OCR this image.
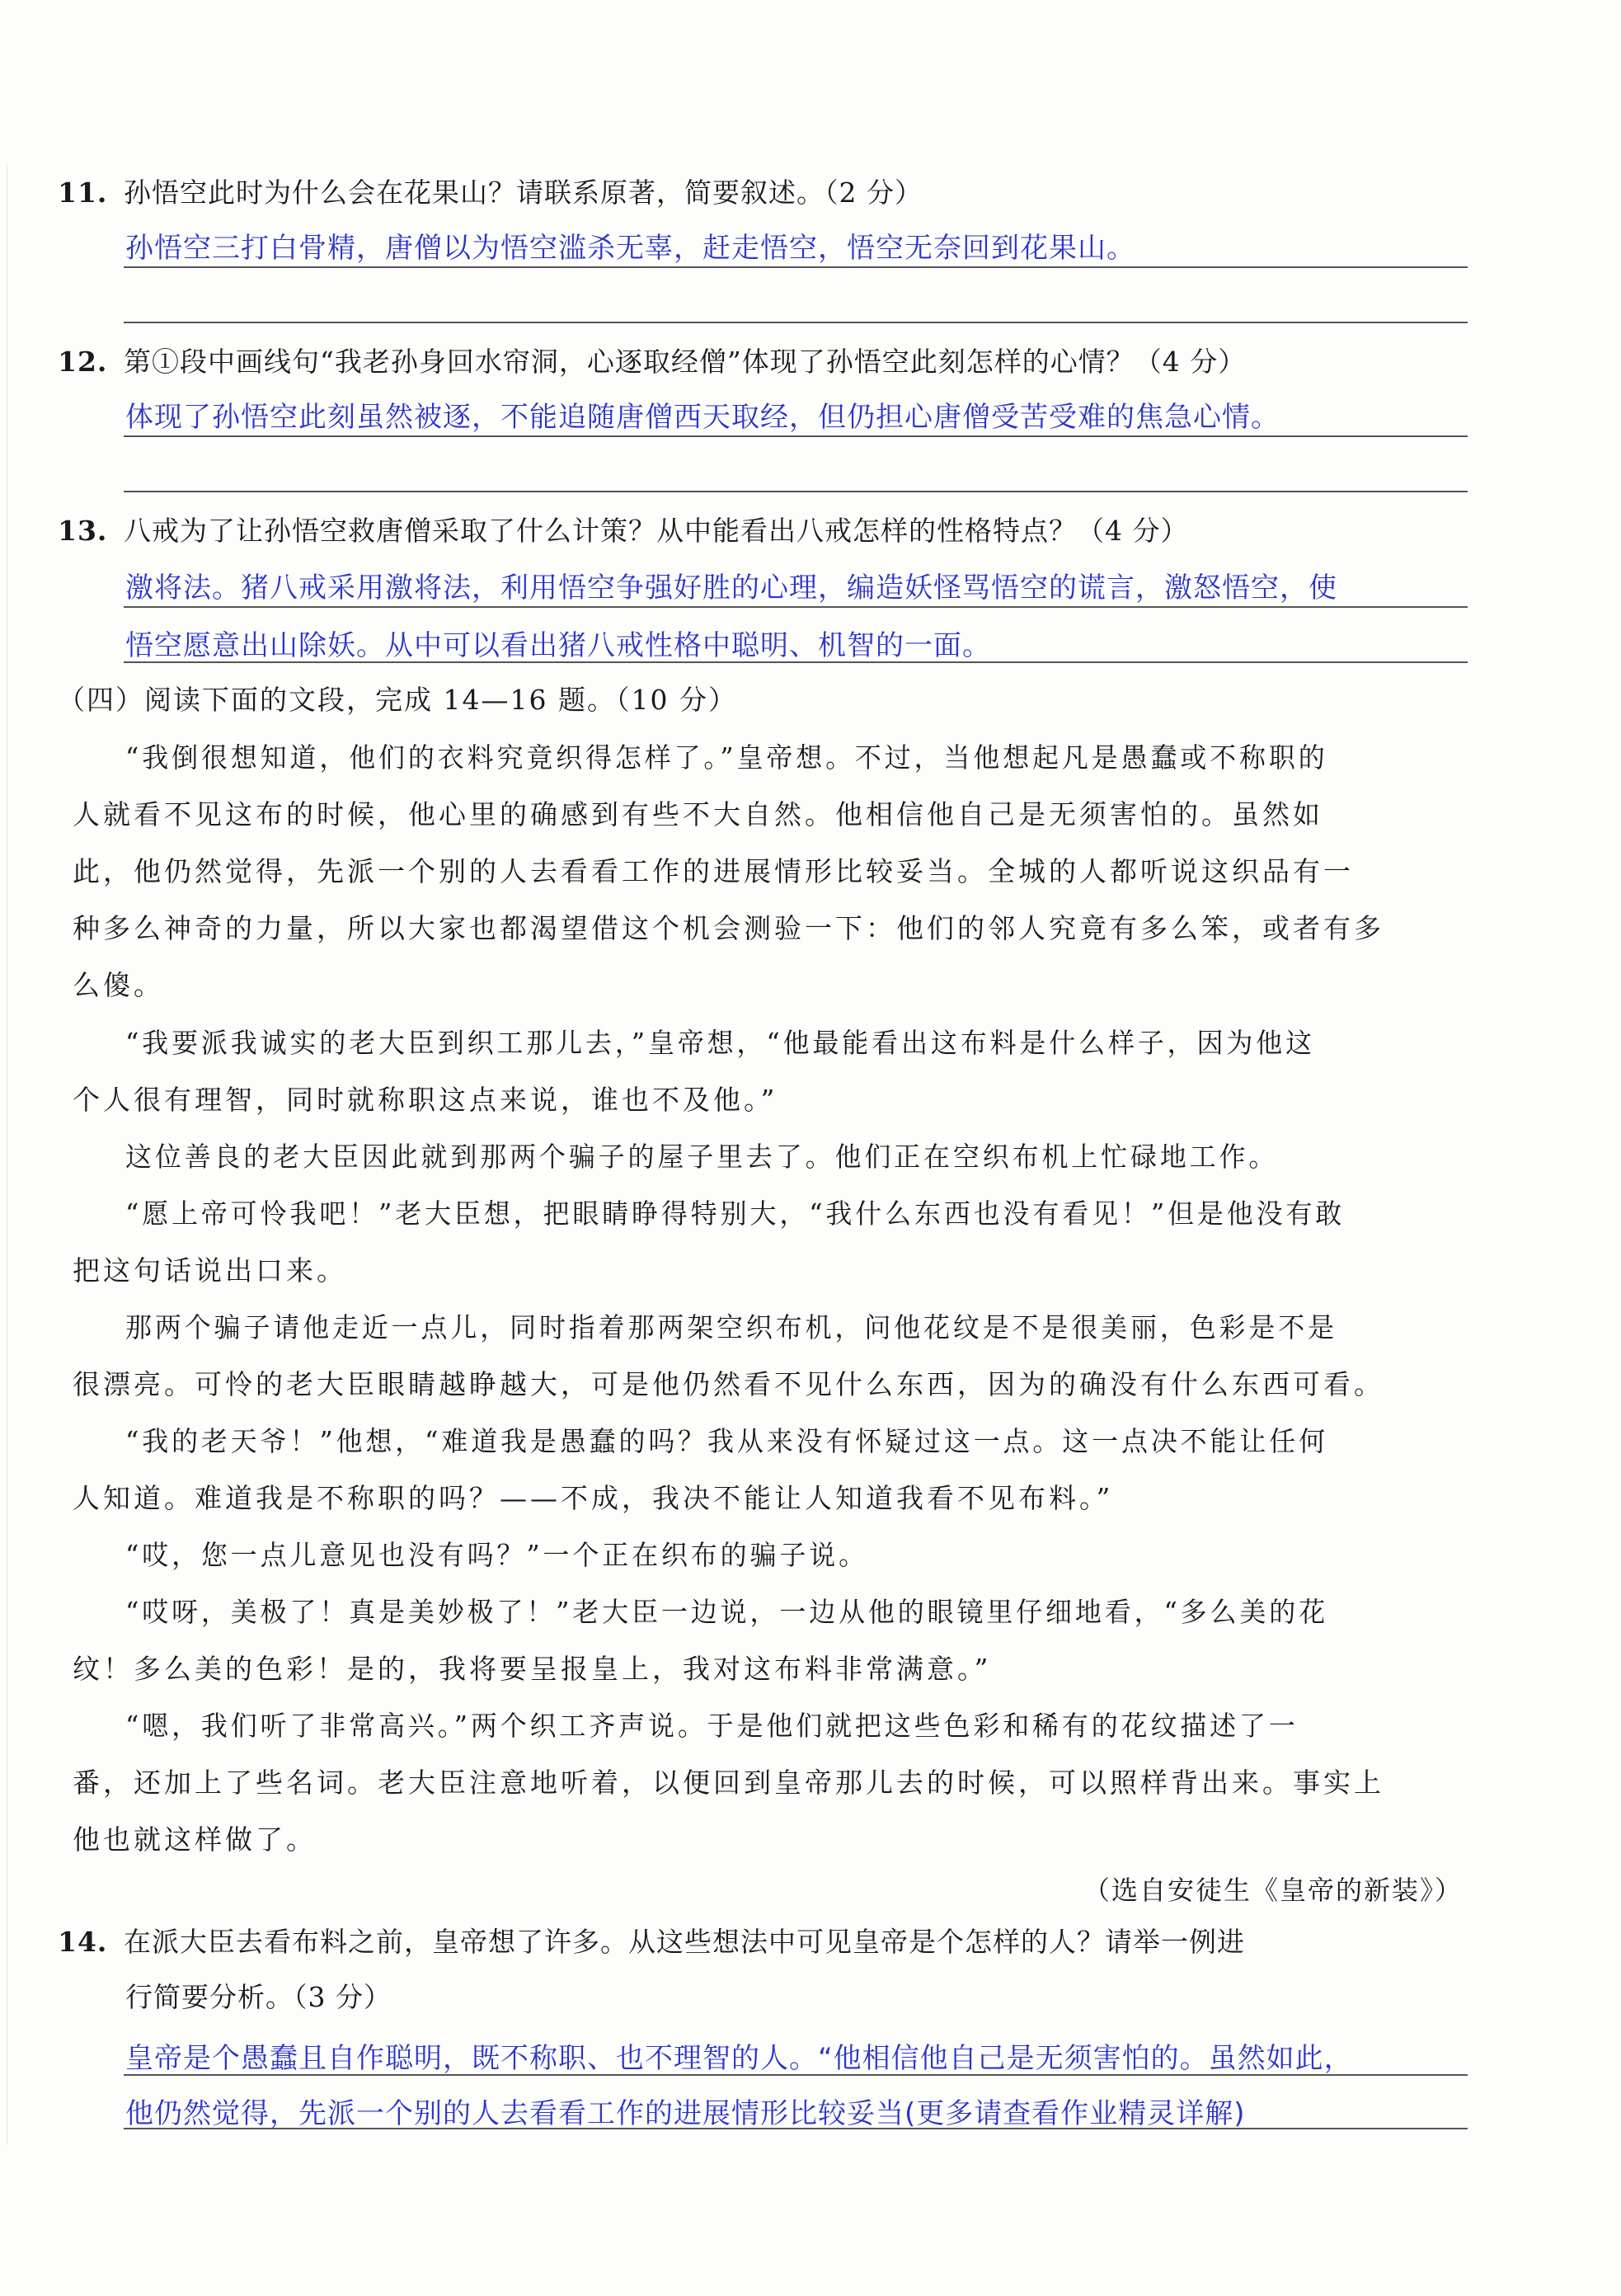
11. 孙悟空此时为什么会在花果山？请联系原著，简要叙述。（2 分）
孙悟空三打白骨精，唐僧以为悟空滥杀无辜，赶走悟空，悟空无奈回到花果山。
12. 第①段中画线句“我老孙身回水帘洞，心逐取经僧”体现了孙悟空此刻怎样的心情？（4 分）
体现了孙悟空此刻虽然被逐，不能追随唐僧西天取经，但仍担心唐僧受苦受难的焦急心情。
13. 八戒为了让孙悟空救唐僧采取了什么计策？从中能看出八戒怎样的性格特点？（4 分）
激将法。猪八戒采用激将法，利用悟空争强好胜的心理，编造妖怪骂悟空的谎言，激怒悟空，使
悟空愿意出山除妖。从中可以看出猪八戒性格中聪明、机智的一面。
（四）阅读下面的文段，完成 14—16 题。（10 分）
“我倒很想知道，他们的衣料究竟织得怎样了。”皇帝想。不过，当他想起凡是愚蠢或不称职的
人就看不见这布的时候，他心里的确感到有些不大自然。他相信他自己是无须害怕的。虽然如
此，他仍然觉得，先派一个别的人去看看工作的进展情形比较妥当。全城的人都听说这织品有一
种多么神奇的力量，所以大家也都渴望借这个机会测验一下：他们的邻人究竟有多么笨，或者有多
么傻。
“我要派我诚实的老大臣到织工那儿去，”皇帝想，“他最能看出这布料是什么样子，因为他这
个人很有理智，同时就称职这点来说，谁也不及他。”
这位善良的老大臣因此就到那两个骗子的屋子里去了。他们正在空织布机上忙碌地工作。
“愿上帝可怜我吧！”老大臣想，把眼睛睁得特别大，“我什么东西也没有看见！”但是他没有敢
把这句话说出口来。
那两个骗子请他走近一点儿，同时指着那两架空织布机，问他花纹是不是很美丽，色彩是不是
很漂亮。可怜的老大臣眼睛越睁越大，可是他仍然看不见什么东西，因为的确没有什么东西可看。
“我的老天爷！”他想，“难道我是愚蠢的吗？我从来没有怀疑过这一点。这一点决不能让任何
人知道。难道我是不称职的吗？——不成，我决不能让人知道我看不见布料。”
“哎，您一点儿意见也没有吗？”一个正在织布的骗子说。
“哎呀，美极了！真是美妙极了！”老大臣一边说，一边从他的眼镜里仔细地看，“多么美的花
纹！多么美的色彩！是的，我将要呈报皇上，我对这布料非常满意。”
“嗯，我们听了非常高兴。”两个织工齐声说。于是他们就把这些色彩和稀有的花纹描述了一
番，还加上了些名词。老大臣注意地听着，以便回到皇帝那儿去的时候，可以照样背出来。事实上
他也就这样做了。
（选自安徒生《皇帝的新装》）
14. 在派大臣去看布料之前，皇帝想了许多。从这些想法中可见皇帝是个怎样的人？请举一例进
行简要分析。（3 分）
皇帝是个愚蠢且自作聪明，既不称职、也不理智的人。“他相信他自己是无须害怕的。虽然如此，
他仍然觉得，先派一个别的人去看看工作的进展情形比较妥当(更多请查看作业精灵详解)
